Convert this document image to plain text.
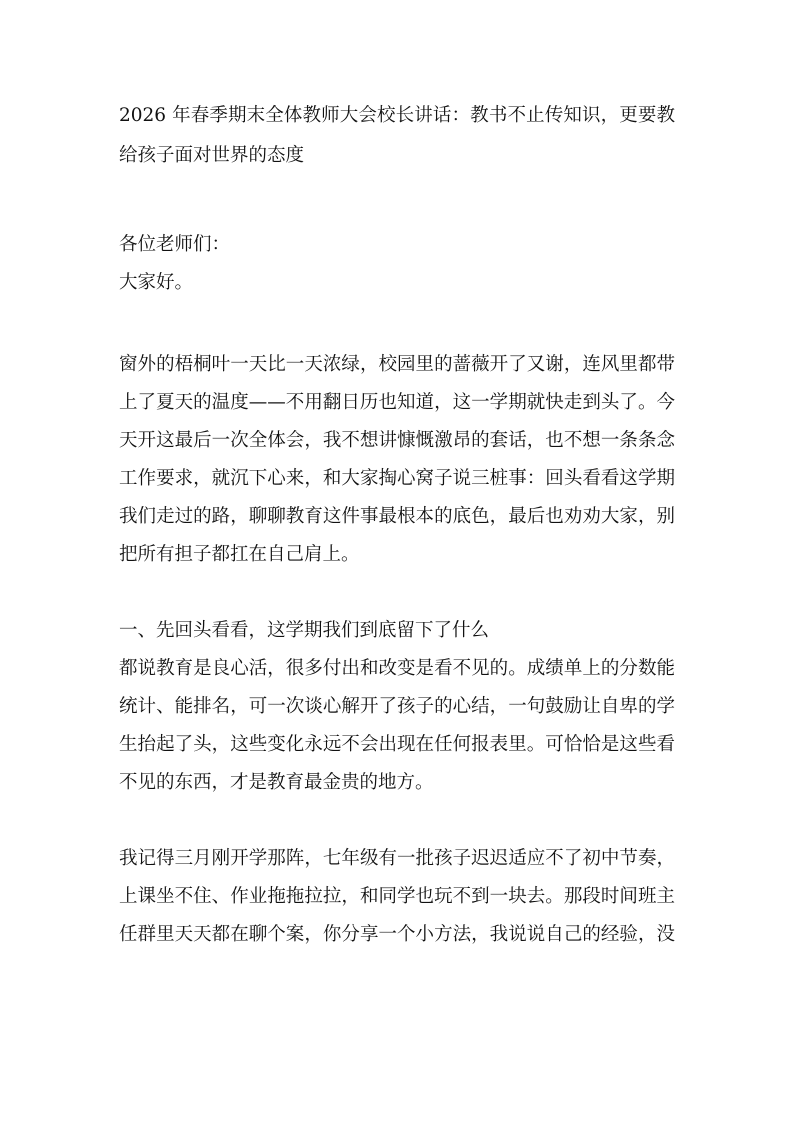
2026 年春季期末全体教师大会校长讲话：教书不止传知识，更要教
给孩子面对世界的态度
各位老师们：
大家好。
窗外的梧桐叶一天比一天浓绿，校园里的蔷薇开了又谢，连风里都带
上了夏天的温度——不用翻日历也知道，这一学期就快走到头了。今
天开这最后一次全体会，我不想讲慷慨激昂的套话，也不想一条条念
工作要求，就沉下心来，和大家掏心窝子说三桩事：回头看看这学期
我们走过的路，聊聊教育这件事最根本的底色，最后也劝劝大家，别
把所有担子都扛在自己肩上。
一、先回头看看，这学期我们到底留下了什么
都说教育是良心活，很多付出和改变是看不见的。成绩单上的分数能
统计、能排名，可一次谈心解开了孩子的心结，一句鼓励让自卑的学
生抬起了头，这些变化永远不会出现在任何报表里。可恰恰是这些看
不见的东西，才是教育最金贵的地方。
我记得三月刚开学那阵，七年级有一批孩子迟迟适应不了初中节奏，
上课坐不住、作业拖拖拉拉，和同学也玩不到一块去。那段时间班主
任群里天天都在聊个案，你分享一个小方法，我说说自己的经验，没
